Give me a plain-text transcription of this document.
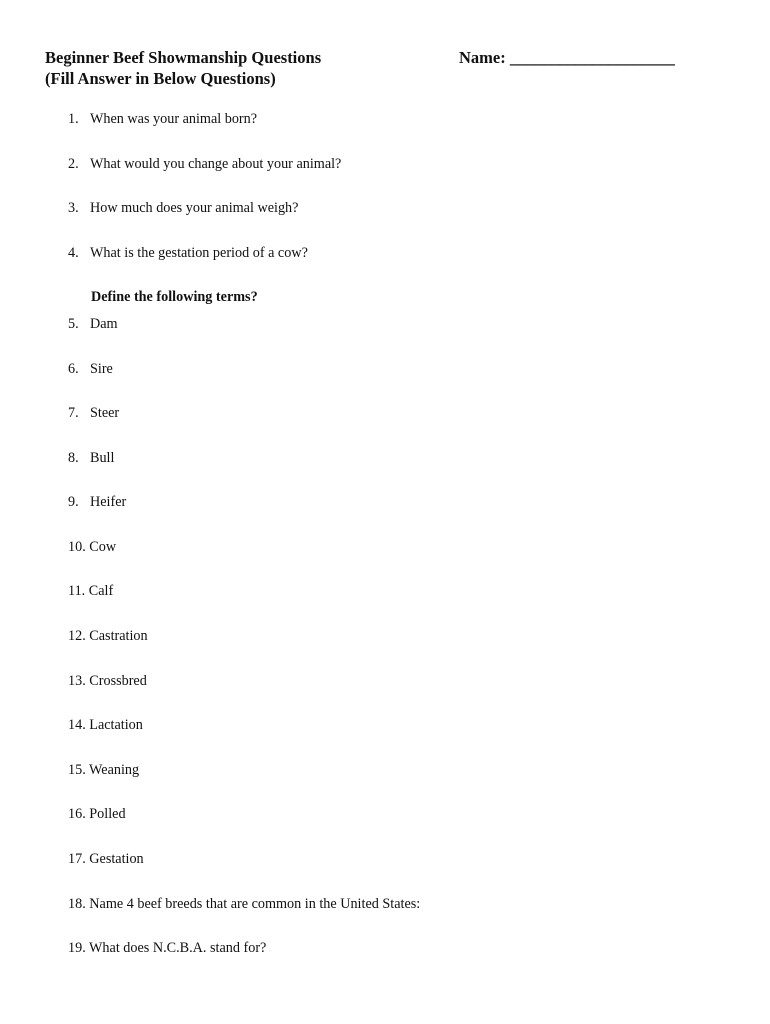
Beginner Beef Showmanship Questions
(Fill Answer in Below Questions)
Name: ____________________
1. When was your animal born?
2. What would you change about your animal?
3. How much does your animal weigh?
4. What is the gestation period of a cow?
Define the following terms?
5. Dam
6. Sire
7. Steer
8. Bull
9. Heifer
10. Cow
11. Calf
12. Castration
13. Crossbred
14. Lactation
15. Weaning
16. Polled
17. Gestation
18. Name 4 beef breeds that are common in the United States:
19. What does N.C.B.A. stand for?
